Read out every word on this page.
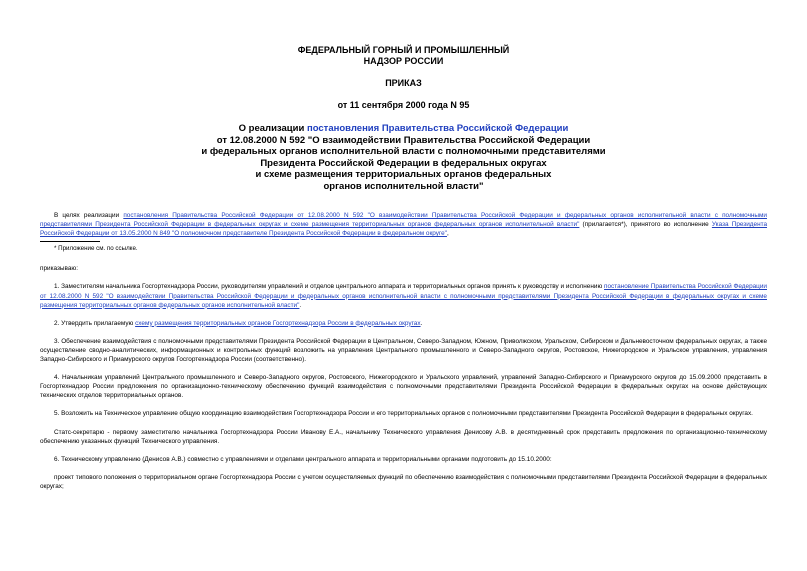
ФЕДЕРАЛЬНЫЙ ГОРНЫЙ И ПРОМЫШЛЕННЫЙ
НАДЗОР РОССИИ
ПРИКАЗ
от 11 сентября 2000 года N 95
О реализации постановления Правительства Российской Федерации
от 12.08.2000 N 592 "О взаимодействии Правительства Российской Федерации
и федеральных органов исполнительной власти с полномочными представителями
Президента Российской Федерации в федеральных округах
и схеме размещения территориальных органов федеральных
органов исполнительной власти"

В целях реализации постановления Правительства Российской Федерации от 12.08.2000 N 592 "О взаимодействии Правительства Российской Федерации и федеральных органов исполнительной власти с полномочными представителями Президента Российской Федерации в федеральных округах и схеме размещения территориальных органов федеральных органов исполнительной власти" (прилагается*), принятого во исполнение Указа Президента Российской Федерации от 13.05.2000 N 849 "О полномочном представителе Президента Российской Федерации в федеральном округе",

* Приложение см. по ссылке.

приказываю:

1. Заместителям начальника Госгортехнадзора России, руководителям управлений и отделов центрального аппарата и территориальных органов принять к руководству и исполнению постановление Правительства Российской Федерации от 12.08.2000 N 592 "О взаимодействии Правительства Российской Федерации и федеральных органов исполнительной власти с полномочными представителями Президента Российской Федерации в федеральных округах и схеме размещения территориальных органов федеральных органов исполнительной власти".

2. Утвердить прилагаемую схему размещения территориальных органов Госгортехнадзора России в федеральных округах.

3. Обеспечение взаимодействия с полномочными представителями Президента Российской Федерации в Центральном, Северо-Западном, Южном, Приволжском, Уральском, Сибирском и Дальневосточном федеральных округах, а также осуществление сводно-аналитических, информационных и контрольных функций возложить на управления Центрального промышленного и Северо-Западного округов, Ростовское, Нижегородское и Уральское управления, управления Западно-Сибирского и Приамурского округов Госгортехнадзора России (соответственно).

4. Начальникам управлений Центрального промышленного и Северо-Западного округов, Ростовского, Нижегородского и Уральского управлений, управлений Западно-Сибирского и Приамурского округов до 15.09.2000 представить в Госгортехнадзор России предложения по организационно-техническому обеспечению функций взаимодействия с полномочными представителями Президента Российской Федерации в федеральных округах на основе действующих технических отделов территориальных органов.

5. Возложить на Техническое управление общую координацию взаимодействия Госгортехнадзора России и его территориальных органов с полномочными представителями Президента Российской Федерации в федеральных округах.

Статс-секретарю - первому заместителю начальника Госгортехнадзора России Иванову Е.А., начальнику Технического управления Денисову А.В. в десятидневный срок представить предложения по организационно-техническому обеспечению указанных функций Технического управления.

6. Техническому управлению (Денисов А.В.) совместно с управлениями и отделами центрального аппарата и территориальными органами подготовить до 15.10.2000:

проект типового положения о территориальном органе Госгортехнадзора России с учетом осуществляемых функций по обеспечению взаимодействия с полномочными представителями Президента Российской Федерации в федеральных округах;
